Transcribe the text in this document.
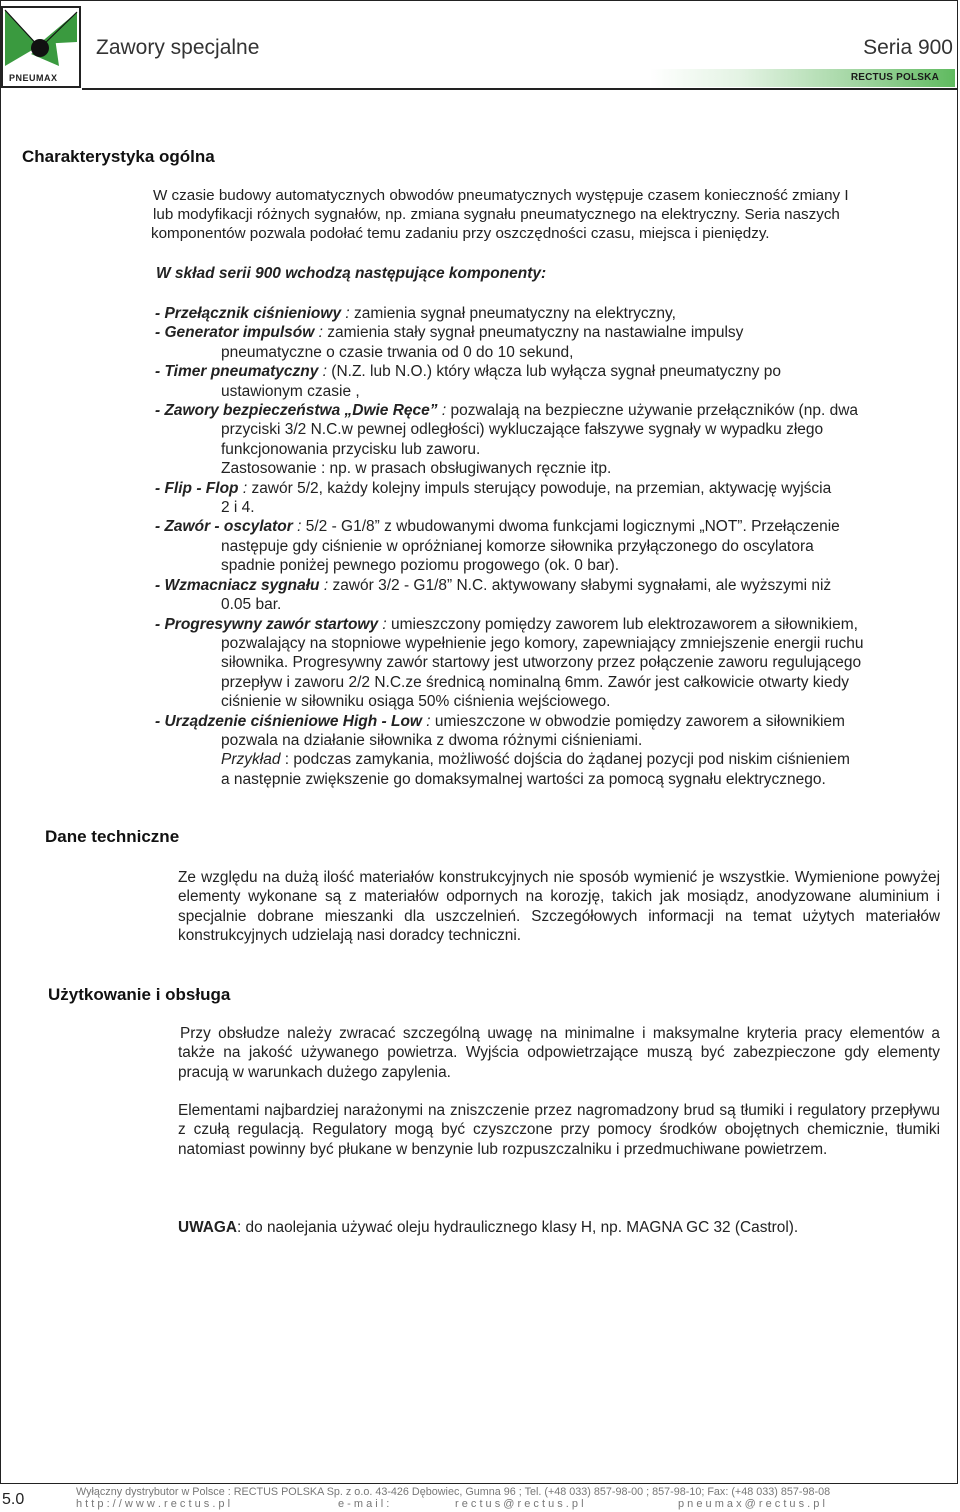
PNEUMAX
Zawory specjalne	Seria 900
RECTUS POLSKA
Charakterystyka ogólna
W czasie budowy automatycznych obwodów pneumatycznych występuje czasem konieczność zmiany I
lub modyfikacji różnych sygnałów, np. zmiana sygnału pneumatycznego na elektryczny. Seria naszych
komponentów pozwala podołać temu zadaniu przy oszczędności czasu, miejsca i pieniędzy.
W skład serii 900 wchodzą następujące komponenty:
- Przełącznik ciśnieniowy : zamienia sygnał pneumatyczny na elektryczny,
- Generator impulsów : zamienia stały sygnał pneumatyczny na nastawialne impulsy
pneumatyczne o czasie trwania od 0 do 10 sekund,
- Timer pneumatyczny : (N.Z. lub N.O.) który włącza lub wyłącza sygnał pneumatyczny po
ustawionym czasie ,
- Zawory bezpieczeństwa „Dwie Ręce” : pozwalają na bezpieczne używanie przełączników (np. dwa
przyciski 3/2 N.C.w pewnej odległości) wykluczające fałszywe sygnały w wypadku złego
funkcjonowania przycisku lub zaworu.
Zastosowanie : np. w prasach obsługiwanych ręcznie itp.
- Flip - Flop : zawór 5/2, każdy kolejny impuls sterujący powoduje, na przemian, aktywację wyjścia
2 i 4.
- Zawór - oscylator : 5/2 - G1/8” z wbudowanymi dwoma funkcjami logicznymi „NOT”. Przełączenie
następuje gdy ciśnienie w opróżnianej komorze siłownika przyłączonego do oscylatora
spadnie poniżej pewnego poziomu progowego (ok. 0 bar).
- Wzmacniacz sygnału : zawór 3/2 - G1/8” N.C. aktywowany słabymi sygnałami, ale wyższymi niż
0.05 bar.
- Progresywny zawór startowy : umieszczony pomiędzy zaworem lub elektrozaworem a siłownikiem,
pozwalający na stopniowe wypełnienie jego komory, zapewniający zmniejszenie energii ruchu
siłownika. Progresywny zawór startowy jest utworzony przez połączenie zaworu regulującego
przepływ i zaworu 2/2 N.C.ze średnicą nominalną 6mm. Zawór jest całkowicie otwarty kiedy
ciśnienie w siłowniku osiąga 50% ciśnienia wejściowego.
- Urządzenie ciśnieniowe High - Low : umieszczone w obwodzie pomiędzy zaworem a siłownikiem
pozwala na działanie siłownika z dwoma różnymi ciśnieniami.
Przykład : podczas zamykania, możliwość dojścia do żądanej pozycji pod niskim ciśnieniem
a następnie zwiększenie go domaksymalnej wartości za pomocą sygnału elektrycznego.
Dane techniczne
Ze względu na dużą ilość materiałów konstrukcyjnych nie sposób wymienić je wszystkie. Wymienione powyżej elementy wykonane są z materiałów odpornych na korozję, takich jak mosiądz, anodyzowane aluminium i specjalnie dobrane mieszanki dla uszczelnień. Szczegółowych informacji na temat użytych materiałów konstrukcyjnych udzielają nasi doradcy techniczni.
Użytkowanie i obsługa
Przy obsłudze należy zwracać szczególną uwagę na minimalne i maksymalne kryteria pracy elementów a także na jakość używanego powietrza. Wyjścia odpowietrzające muszą być zabezpieczone gdy elementy pracują w warunkach dużego zapylenia.
Elementami najbardziej narażonymi na zniszczenie przez nagromadzony brud są tłumiki i regulatory przepływu z czułą regulacją. Regulatory mogą być czyszczone przy pomocy środków obojętnych chemicznie, tłumiki natomiast powinny być płukane w benzynie lub rozpuszczalniku i przedmuchiwane powietrzem.
UWAGA: do naolejania używać oleju hydraulicznego klasy H, np. MAGNA GC 32 (Castrol).
5.0	Wyłączny dystrybutor w Polsce : RECTUS POLSKA Sp. z o.o. 43-426 Dębowiec, Gumna 96 ; Tel. (+48 033) 857-98-00 ; 857-98-10; Fax: (+48 033) 857-98-08
h t t p : / / w w w . r e c t u s . p l	e - m a i l :	r e c t u s @ r e c t u s . p l	p n e u m a x @ r e c t u s . p l
